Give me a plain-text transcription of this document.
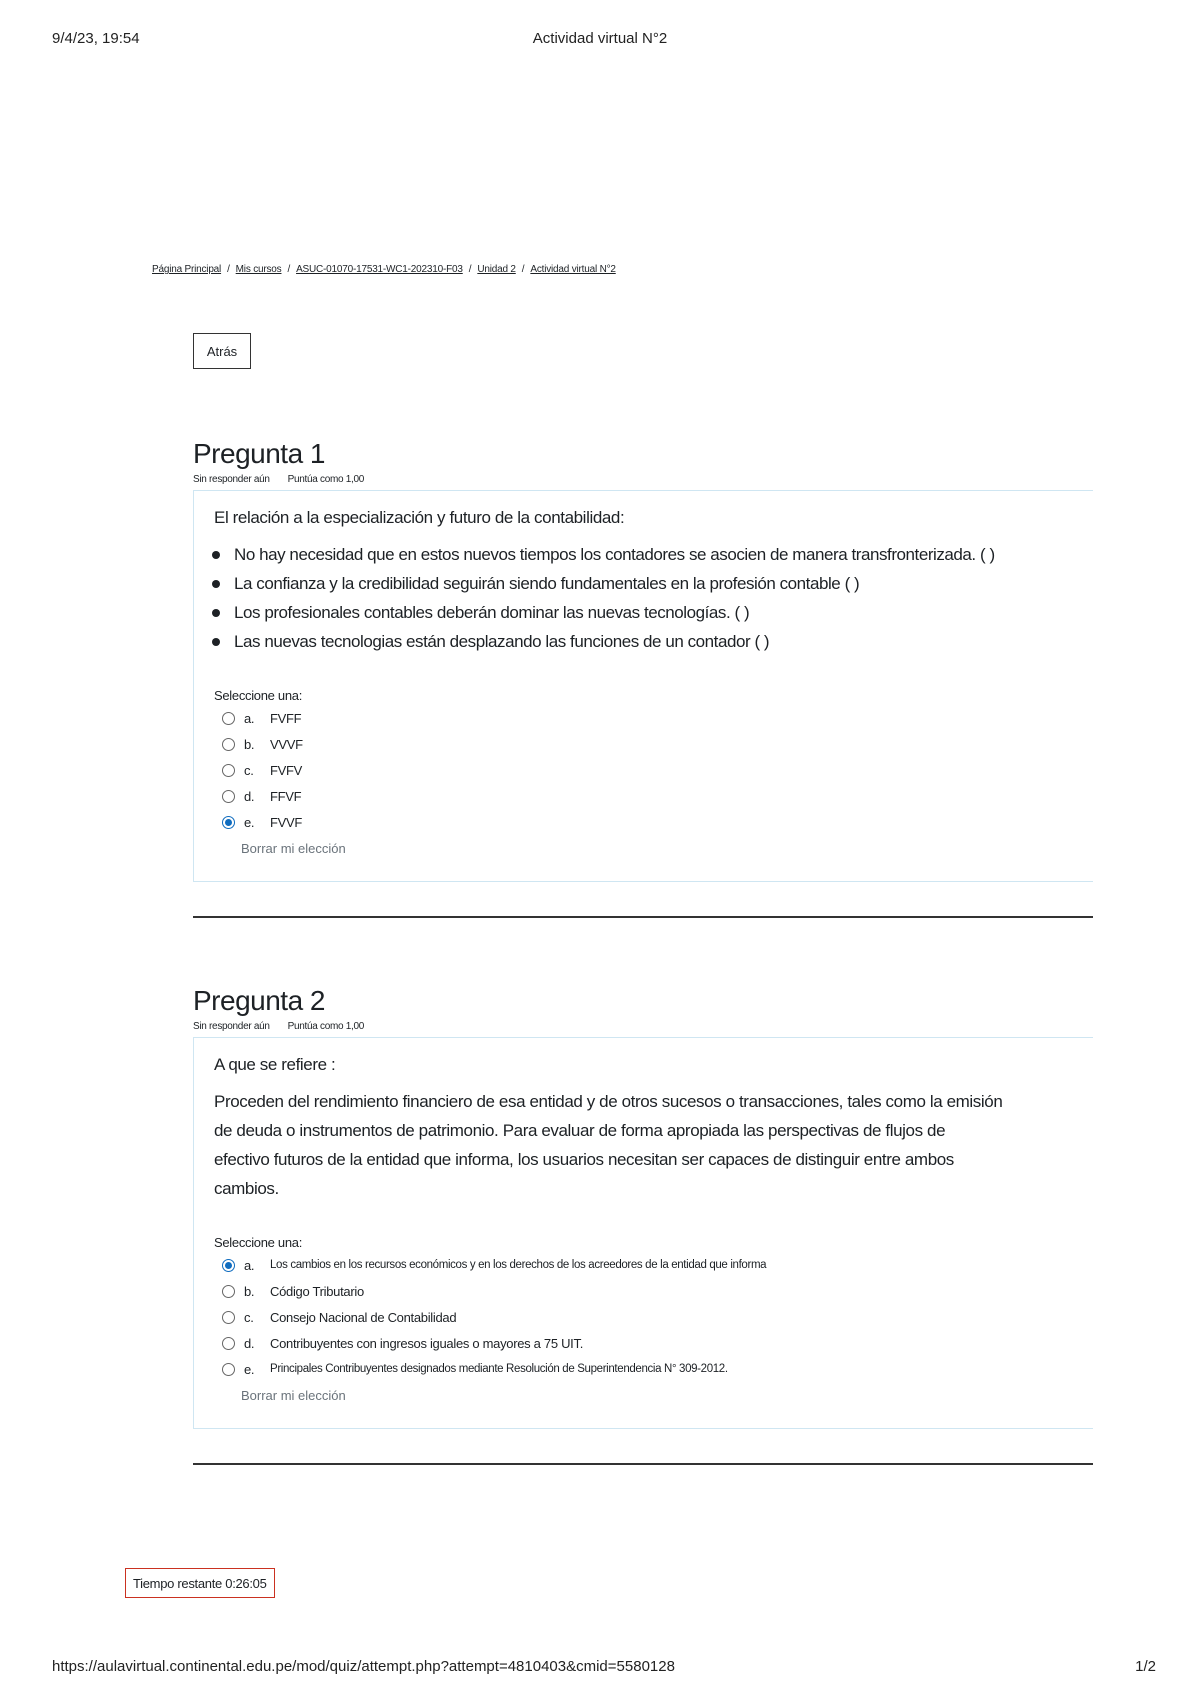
9/4/23, 19:54	Actividad virtual N°2
Página Principal / Mis cursos / ASUC-01070-17531-WC1-202310-F03 / Unidad 2 / Actividad virtual N°2
Atrás
Pregunta 1
Sin responder aún Puntúa como 1,00
El relación a la especialización y futuro de la contabilidad:
No hay necesidad que en estos nuevos tiempos los contadores se asocien de manera transfronterizada. ( )
La confianza y la credibilidad seguirán siendo fundamentales en la profesión contable ( )
Los profesionales contables deberán dominar las nuevas tecnologías. ( )
Las nuevas tecnologias están desplazando las funciones de un contador ( )
Seleccione una:
a.	FVFF
b.	VVVF
c.	FVFV
d.	FFVF
e.	FVVF
Borrar mi elección
Pregunta 2
Sin responder aún Puntúa como 1,00
A que se refiere :
Proceden del rendimiento financiero de esa entidad y de otros sucesos o transacciones, tales como la emisión
de deuda o instrumentos de patrimonio. Para evaluar de forma apropiada las perspectivas de flujos de
efectivo futuros de la entidad que informa, los usuarios necesitan ser capaces de distinguir entre ambos
cambios.
Seleccione una:
a.	Los cambios en los recursos económicos y en los derechos de los acreedores de la entidad que informa
b.	Código Tributario
c.	Consejo Nacional de Contabilidad
d.	Contribuyentes con ingresos iguales o mayores a 75 UIT.
e.	Principales Contribuyentes designados mediante Resolución de Superintendencia N° 309-2012.
Borrar mi elección
Tiempo restante 0:26:05
https://aulavirtual.continental.edu.pe/mod/quiz/attempt.php?attempt=4810403&cmid=5580128	1/2
